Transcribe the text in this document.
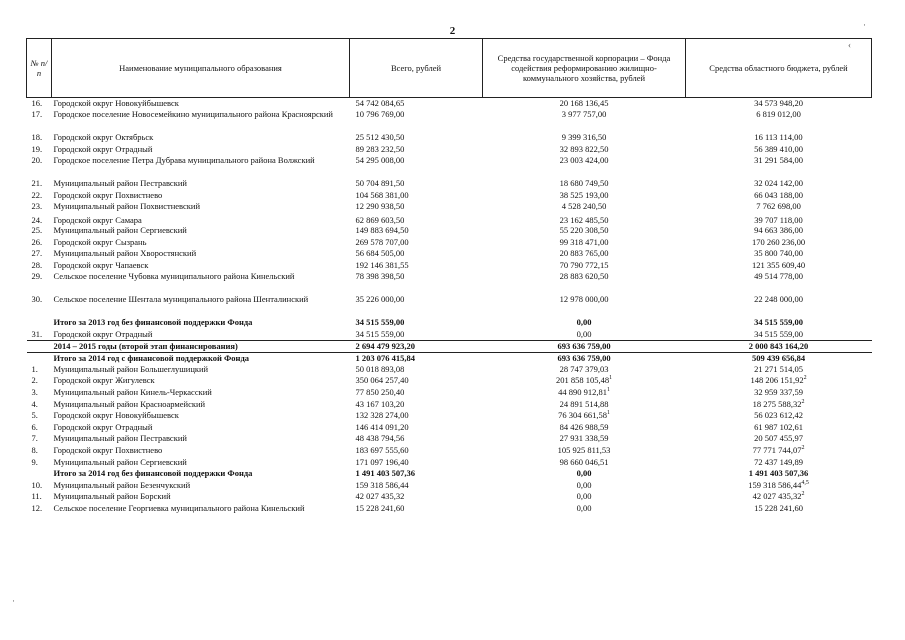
2
‹
·
·
№ п/п	Наименование муниципального образования	Всего, рублей	Средства государственной корпорации – Фонда содействия реформированию жилищно-коммунального хозяйства, рублей	Средства областного бюджета, рублей
16.	Городской округ Новокуйбышевск	54 742 084,65	20 168 136,45	34 573 948,20
17.	Городское поселение Новосемейкино муниципального района Красноярский	10 796 769,00	3 977 757,00	6 819 012,00
18.	Городской округ Октябрьск	25 512 430,50	9 399 316,50	16 113 114,00
19.	Городской округ Отрадный	89 283 232,50	32 893 822,50	56 389 410,00
20.	Городское поселение Петра Дубрава муниципального района Волжский	54 295 008,00	23 003 424,00	31 291 584,00
21.	Муниципальный район Пестравский	50 704 891,50	18 680 749,50	32 024 142,00
22.	Городской округ Похвистнево	104 568 381,00	38 525 193,00	66 043 188,00
23.	Муниципальный район Похвистневский	12 290 938,50	4 528 240,50	7 762 698,00
24.	Городской округ Самара	62 869 603,50	23 162 485,50	39 707 118,00
25.	Муниципальный район Сергиевский	149 883 694,50	55 220 308,50	94 663 386,00
26.	Городской округ Сызрань	269 578 707,00	99 318 471,00	170 260 236,00
27.	Муниципальный район Хворостянский	56 684 505,00	20 883 765,00	35 800 740,00
28.	Городской округ Чапаевск	192 146 381,55	70 790 772,15	121 355 609,40
29.	Сельское поселение Чубовка муниципального района Кинельский	78 398 398,50	28 883 620,50	49 514 778,00
30.	Сельское поселение Шентала муниципального района Шенталинский	35 226 000,00	12 978 000,00	22 248 000,00
	Итого за 2013 год без финансовой поддержки Фонда	34 515 559,00	0,00	34 515 559,00
31.	Городской округ Отрадный	34 515 559,00	0,00	34 515 559,00
	2014 – 2015 годы (второй этап финансирования)	2 694 479 923,20	693 636 759,00	2 000 843 164,20
	Итого за 2014 год с финансовой поддержкой Фонда	1 203 076 415,84	693 636 759,00	509 439 656,84
1.	Муниципальный район Большеглушицкий	50 018 893,08	28 747 379,03	21 271 514,05
2.	Городской округ Жигулевск	350 064 257,40	201 858 105,48$^1$	148 206 151,92$^2$
3.	Муниципальный район Кинель-Черкасский	77 850 250,40	44 890 912,81$^1$	32 959 337,59
4.	Муниципальный район Красноармейский	43 167 103,20	24 891 514,88	18 275 588,32$^2$
5.	Городской округ Новокуйбышевск	132 328 274,00	76 304 661,58$^1$	56 023 612,42
6.	Городской округ Отрадный	146 414 091,20	84 426 988,59	61 987 102,61
7.	Муниципальный район Пестравский	48 438 794,56	27 931 338,59	20 507 455,97
8.	Городской округ Похвистнево	183 697 555,60	105 925 811,53	77 771 744,07$^2$
9.	Муниципальный район Сергиевский	171 097 196,40	98 660 046,51	72 437 149,89
	Итого за 2014 год без финансовой поддержки Фонда	1 491 403 507,36	0,00	1 491 403 507,36
10.	Муниципальный район Безенчукский	159 318 586,44	0,00	159 318 586,44$^{4,5}$
11.	Муниципальный район Борский	42 027 435,32	0,00	42 027 435,32$^2$
12.	Сельское поселение Георгиевка муниципального района Кинельский	15 228 241,60	0,00	15 228 241,60
